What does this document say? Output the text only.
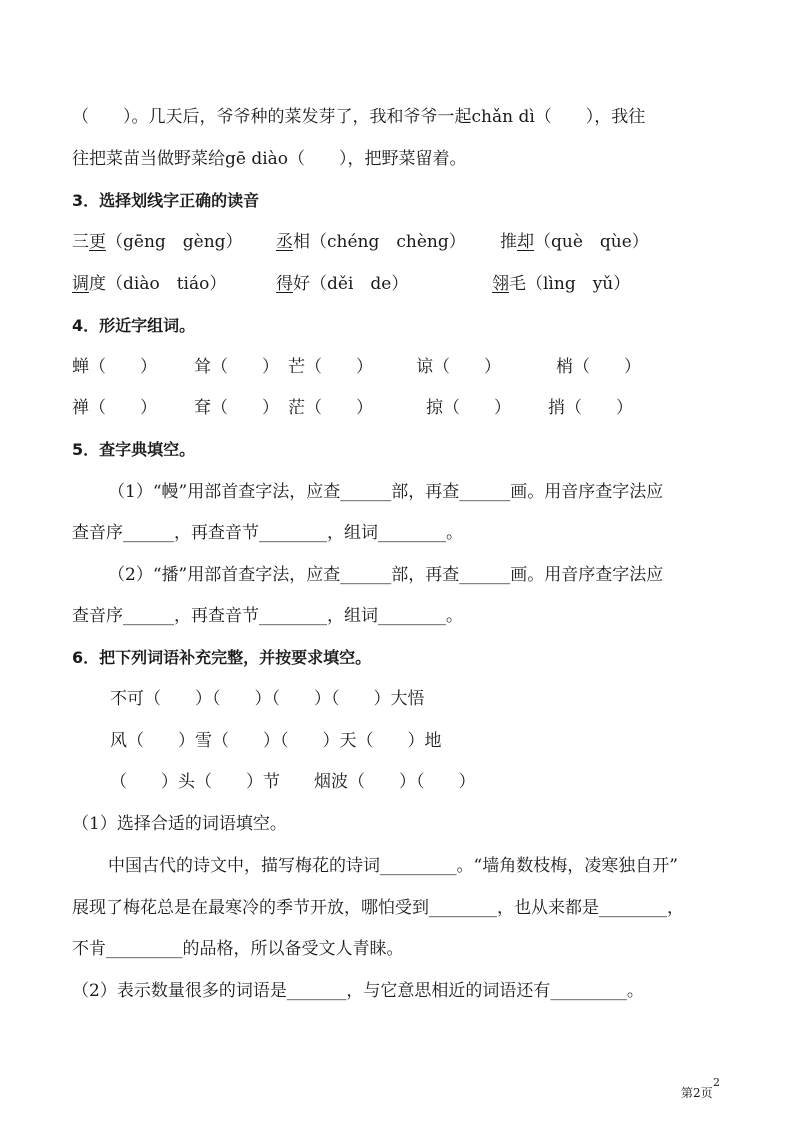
（　　）。几天后，爷爷种的菜发芽了，我和爷爷一起chǎn dì（　　），我往
往把菜苗当做野菜给gē diào（　　），把野菜留着。
3．选择划线字正确的读音
三更（gēng　gèng） 丞相（chéng　chèng） 推却（què　qùe）
调度（diào　tiáo）	得好（děi　de）	翎毛（lìng　yǔ）
4．形近字组词。
蝉（　　） 耸（　　） 芒（　　）	谅（　　）	梢（　　）
禅（　　） 耷（　　） 茫（　　）	掠（　　） 捎（　　）
5．查字典填空。
（1）“幔”用部首查字法，应查______部，再查______画。用音序查字法应
查音序______，再查音节________，组词________。
（2）“播”用部首查字法，应查______部，再查______画。用音序查字法应
查音序______，再查音节________，组词________。
6．把下列词语补充完整，并按要求填空。
不可（　　）（　　）（　　）（　　）大悟
风（　　）雪（　　）（　　）天（　　）地
（　　）头（　　）节　　烟波（　　）（　　）
（1）选择合适的词语填空。
中国古代的诗文中，描写梅花的诗词_________。“墙角数枝梅，凌寒独自开”
展现了梅花总是在最寒冷的季节开放，哪怕受到________，也从来都是________，
不肯_________的品格，所以备受文人青睐。
（2）表示数量很多的词语是_______，与它意思相近的词语还有_________。
第2页
2
